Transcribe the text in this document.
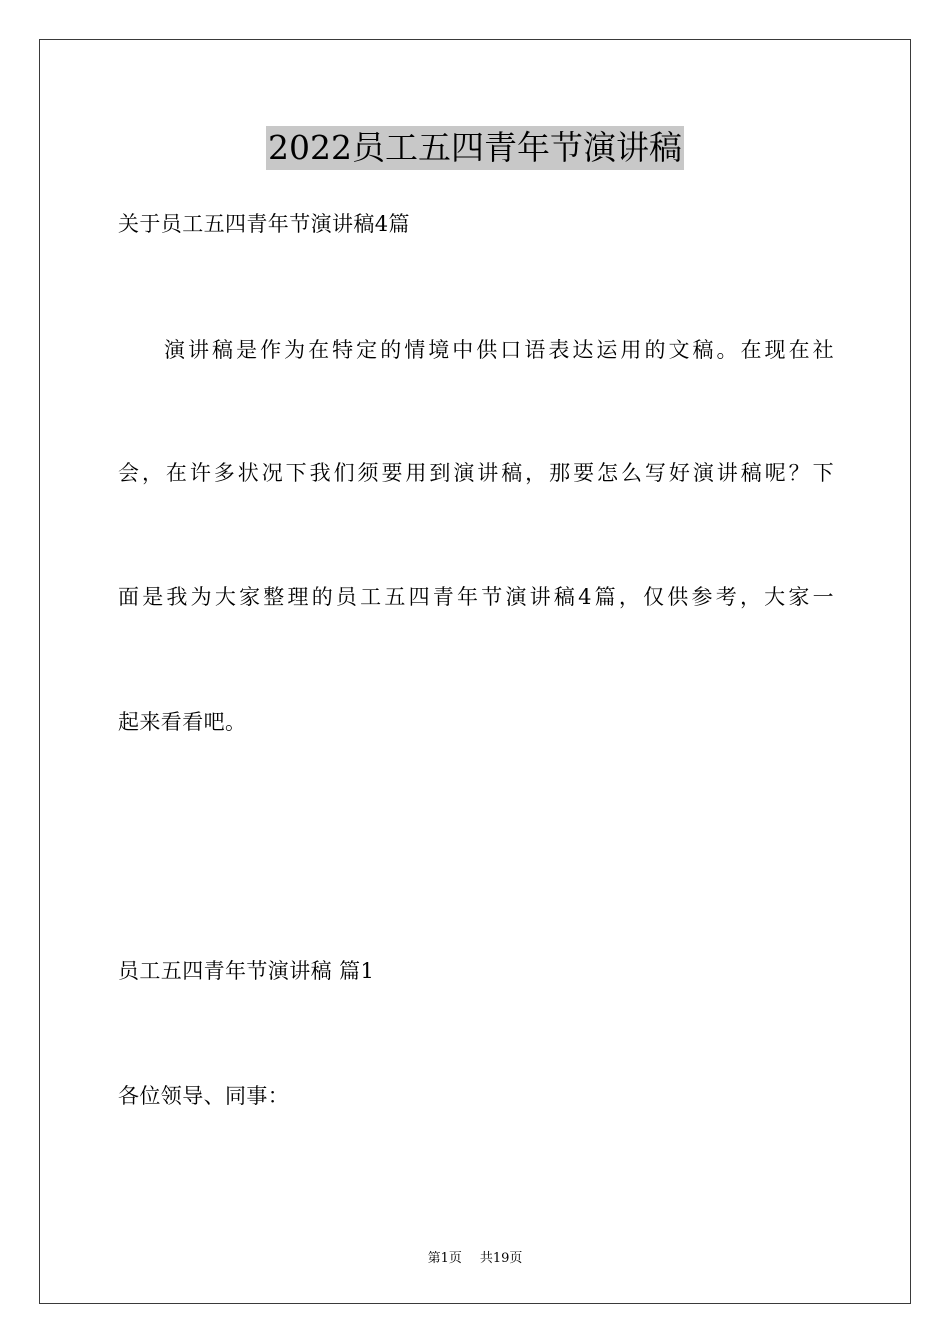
2022员工五四青年节演讲稿
关于员工五四青年节演讲稿4篇
演讲稿是作为在特定的情境中供口语表达运用的文稿。在现在社
会，在许多状况下我们须要用到演讲稿，那要怎么写好演讲稿呢？下
面是我为大家整理的员工五四青年节演讲稿4篇，仅供参考，大家一
起来看看吧。
员工五四青年节演讲稿 篇1
各位领导、同事：
第1页 共19页
